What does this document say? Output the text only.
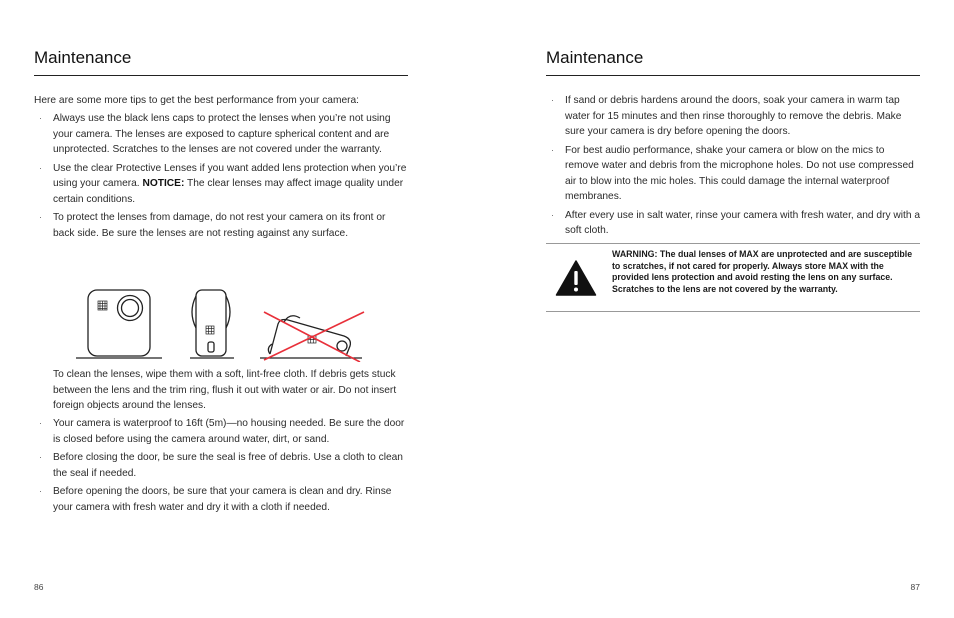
Maintenance

Here are some more tips to get the best performance from your camera:

· Always use the black lens caps to protect the lenses when you’re not using your camera. The lenses are exposed to capture spherical content and are unprotected. Scratches to the lenses are not covered under the warranty.
· Use the clear Protective Lenses if you want added lens protection when you’re using your camera. NOTICE: The clear lenses may affect image quality under certain conditions.
· To protect the lenses from damage, do not rest your camera on its front or back side. Be sure the lenses are not resting against any surface.

To clean the lenses, wipe them with a soft, lint-free cloth. If debris gets stuck between the lens and the trim ring, flush it out with water or air. Do not insert foreign objects around the lenses.

· Your camera is waterproof to 16ft (5m)—no housing needed. Be sure the door is closed before using the camera around water, dirt, or sand.
· Before closing the door, be sure the seal is free of debris. Use a cloth to clean the seal if needed.
· Before opening the doors, be sure that your camera is clean and dry. Rinse your camera with fresh water and dry it with a cloth if needed.
86
Maintenance
· If sand or debris hardens around the doors, soak your camera in warm tap water for 15 minutes and then rinse thoroughly to remove the debris. Make sure your camera is dry before opening the doors.
· For best audio performance, shake your camera or blow on the mics to remove water and debris from the microphone holes. Do not use compressed air to blow into the mic holes. This could damage the internal waterproof membranes.
· After every use in salt water, rinse your camera with fresh water, and dry with a soft cloth.

WARNING: The dual lenses of MAX are unprotected and are susceptible to scratches, if not cared for properly. Always store MAX with the provided lens protection and avoid resting the lens on any surface. Scratches to the lens are not covered by the warranty.

87
